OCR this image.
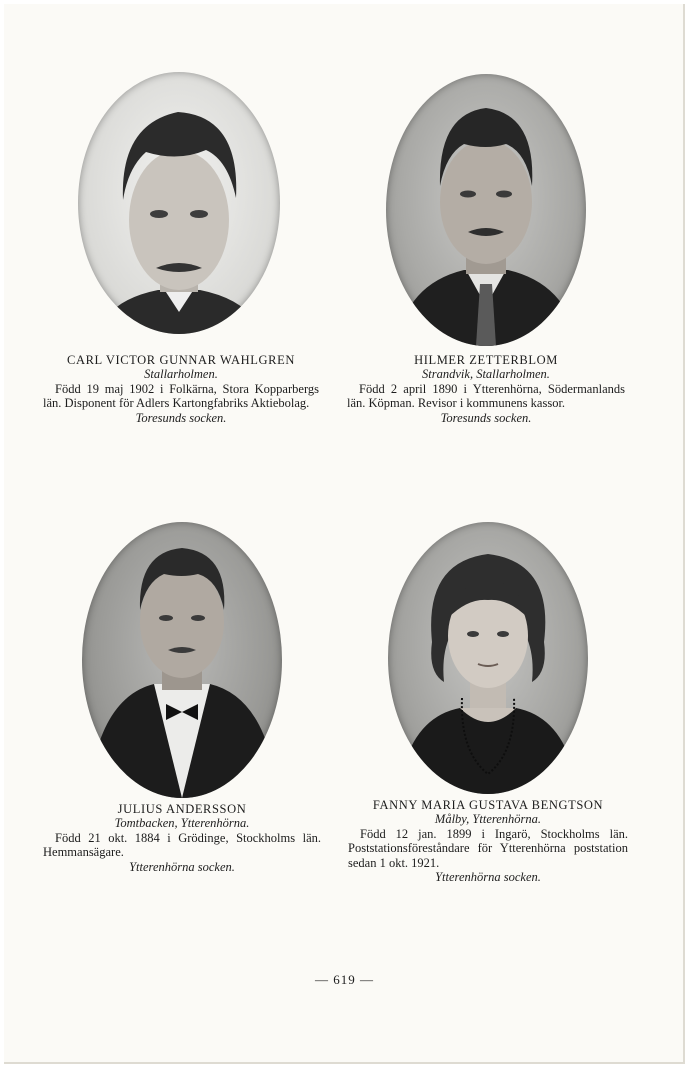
CARL VICTOR GUNNAR WAHLGREN
Stallarholmen.
Född 19 maj 1902 i Folkärna, Stora Kopparbergs län. Disponent för Adlers Kartongfabriks Aktiebolag.
Toresunds socken.
HILMER ZETTERBLOM
Strandvik, Stallarholmen.
Född 2 april 1890 i Ytterenhörna, Södermanlands län. Köpman. Revisor i kommunens kassor.
Toresunds socken.
JULIUS ANDERSSON
Tomtbacken, Ytterenhörna.
Född 21 okt. 1884 i Grödinge, Stockholms län. Hemmansägare.
Ytterenhörna socken.
FANNY MARIA GUSTAVA BENGTSON
Målby, Ytterenhörna.
Född 12 jan. 1899 i Ingarö, Stockholms län. Poststationsföreståndare för Ytterenhörna poststation sedan 1 okt. 1921.
Ytterenhörna socken.
— 619 —
